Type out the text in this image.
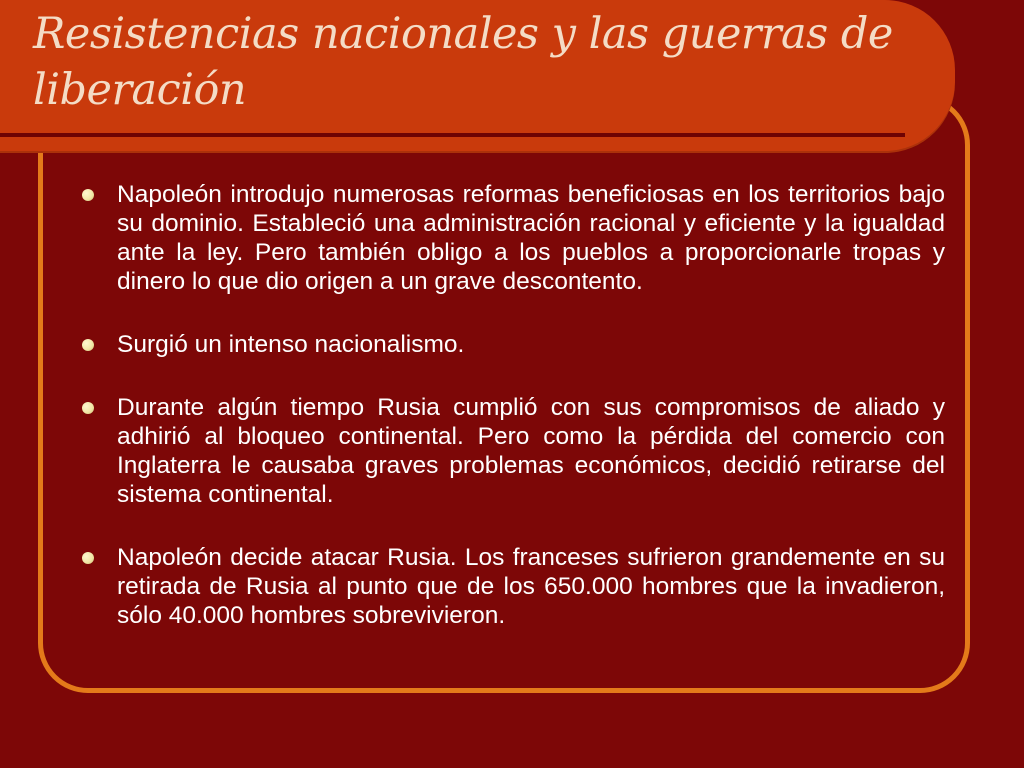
Resistencias nacionales y las guerras de liberación
Napoleón introdujo numerosas reformas beneficiosas en los territorios bajo su dominio. Estableció una administración racional y eficiente y la igualdad ante la ley. Pero también obligo a los pueblos a proporcionarle tropas y dinero lo que dio origen a un grave descontento.
Surgió un intenso nacionalismo.
Durante algún tiempo Rusia cumplió con sus compromisos de aliado y adhirió al bloqueo continental. Pero como la pérdida del comercio con Inglaterra le causaba graves problemas económicos, decidió retirarse del sistema continental.
Napoleón decide atacar Rusia. Los franceses sufrieron grandemente en su retirada de Rusia al punto que de los 650.000 hombres que la invadieron, sólo 40.000 hombres sobrevivieron.
